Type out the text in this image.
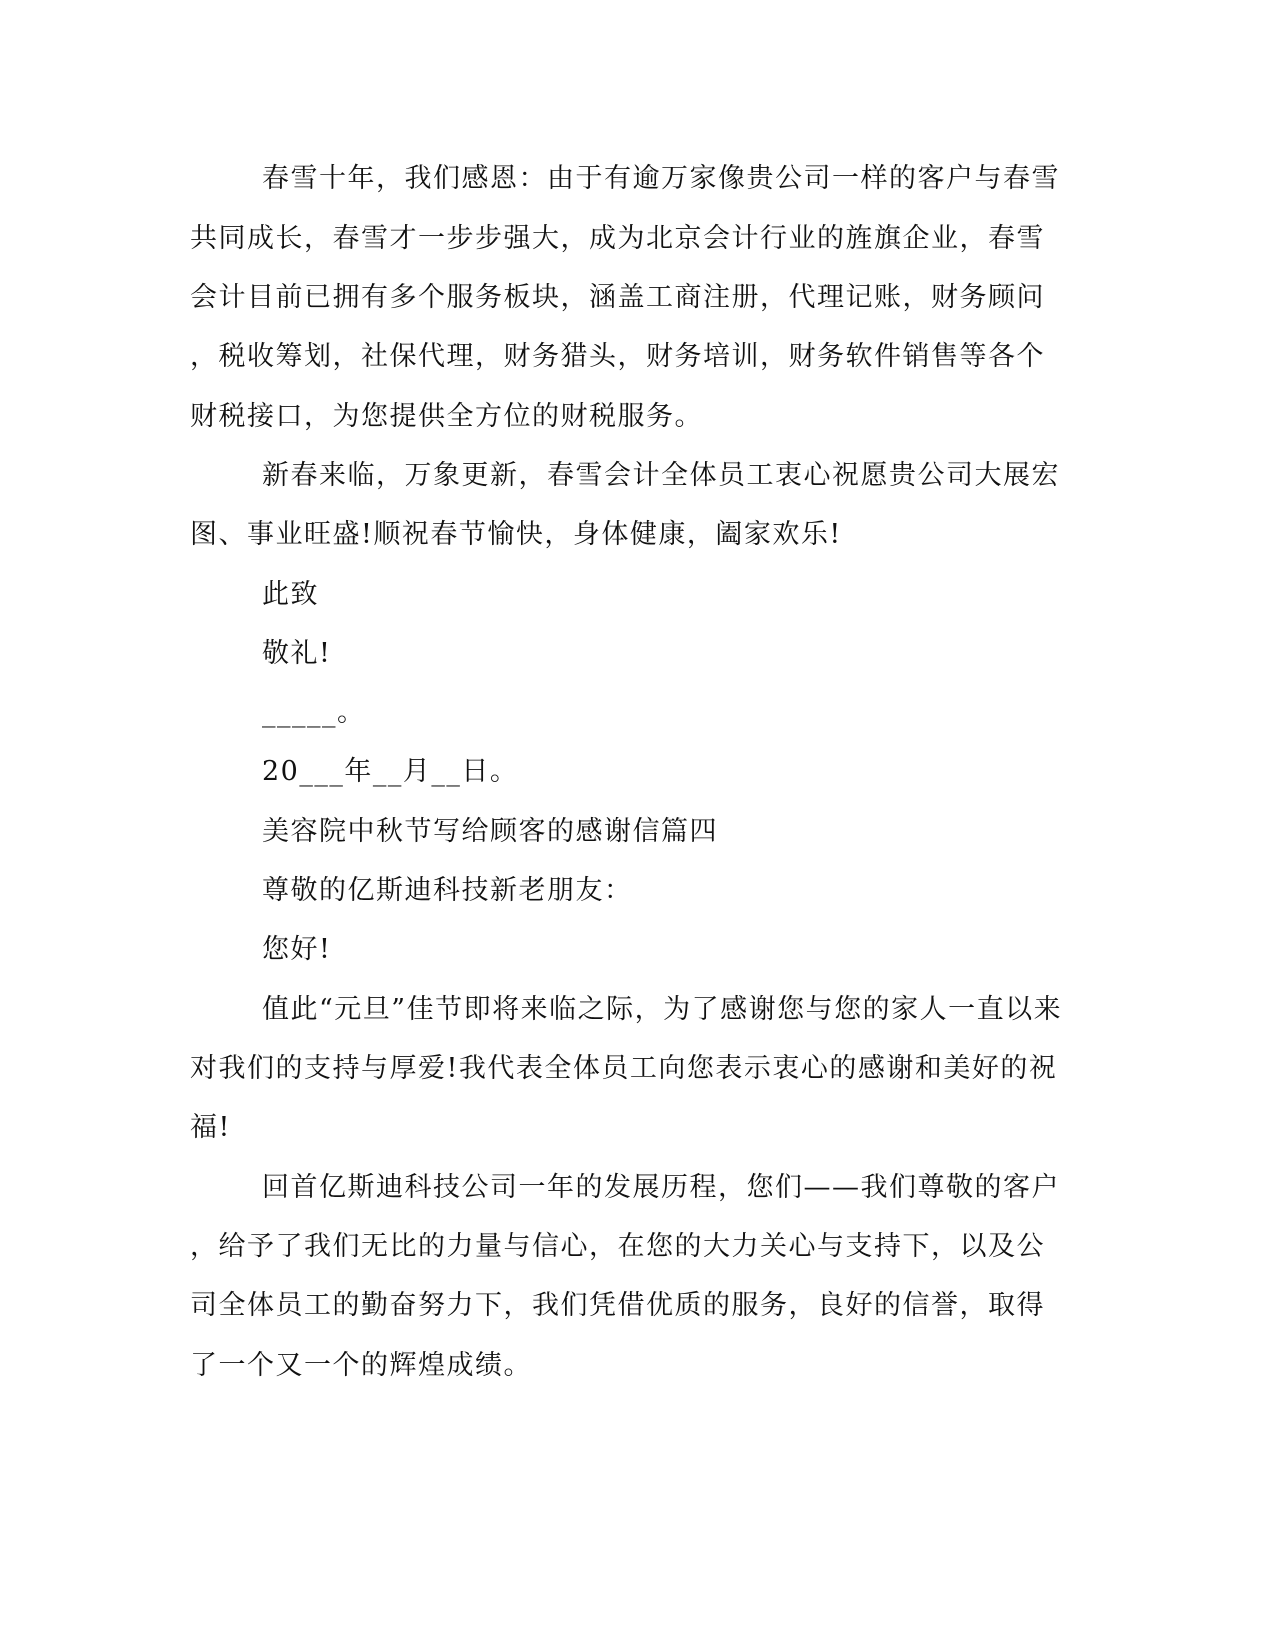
春雪十年，我们感恩：由于有逾万家像贵公司一样的客户与春雪
共同成长，春雪才一步步强大，成为北京会计行业的旌旗企业，春雪
会计目前已拥有多个服务板块，涵盖工商注册，代理记账，财务顾问
，税收筹划，社保代理，财务猎头，财务培训，财务软件销售等各个
财税接口，为您提供全方位的财税服务。
新春来临，万象更新，春雪会计全体员工衷心祝愿贵公司大展宏
图、事业旺盛!顺祝春节愉快，身体健康，阖家欢乐!
此致
敬礼!
_____。
20___年__月__日。
美容院中秋节写给顾客的感谢信篇四
尊敬的亿斯迪科技新老朋友：
您好!
值此“元旦”佳节即将来临之际，为了感谢您与您的家人一直以来
对我们的支持与厚爱!我代表全体员工向您表示衷心的感谢和美好的祝
福!
回首亿斯迪科技公司一年的发展历程，您们——我们尊敬的客户
，给予了我们无比的力量与信心，在您的大力关心与支持下，以及公
司全体员工的勤奋努力下，我们凭借优质的服务，良好的信誉，取得
了一个又一个的辉煌成绩。
